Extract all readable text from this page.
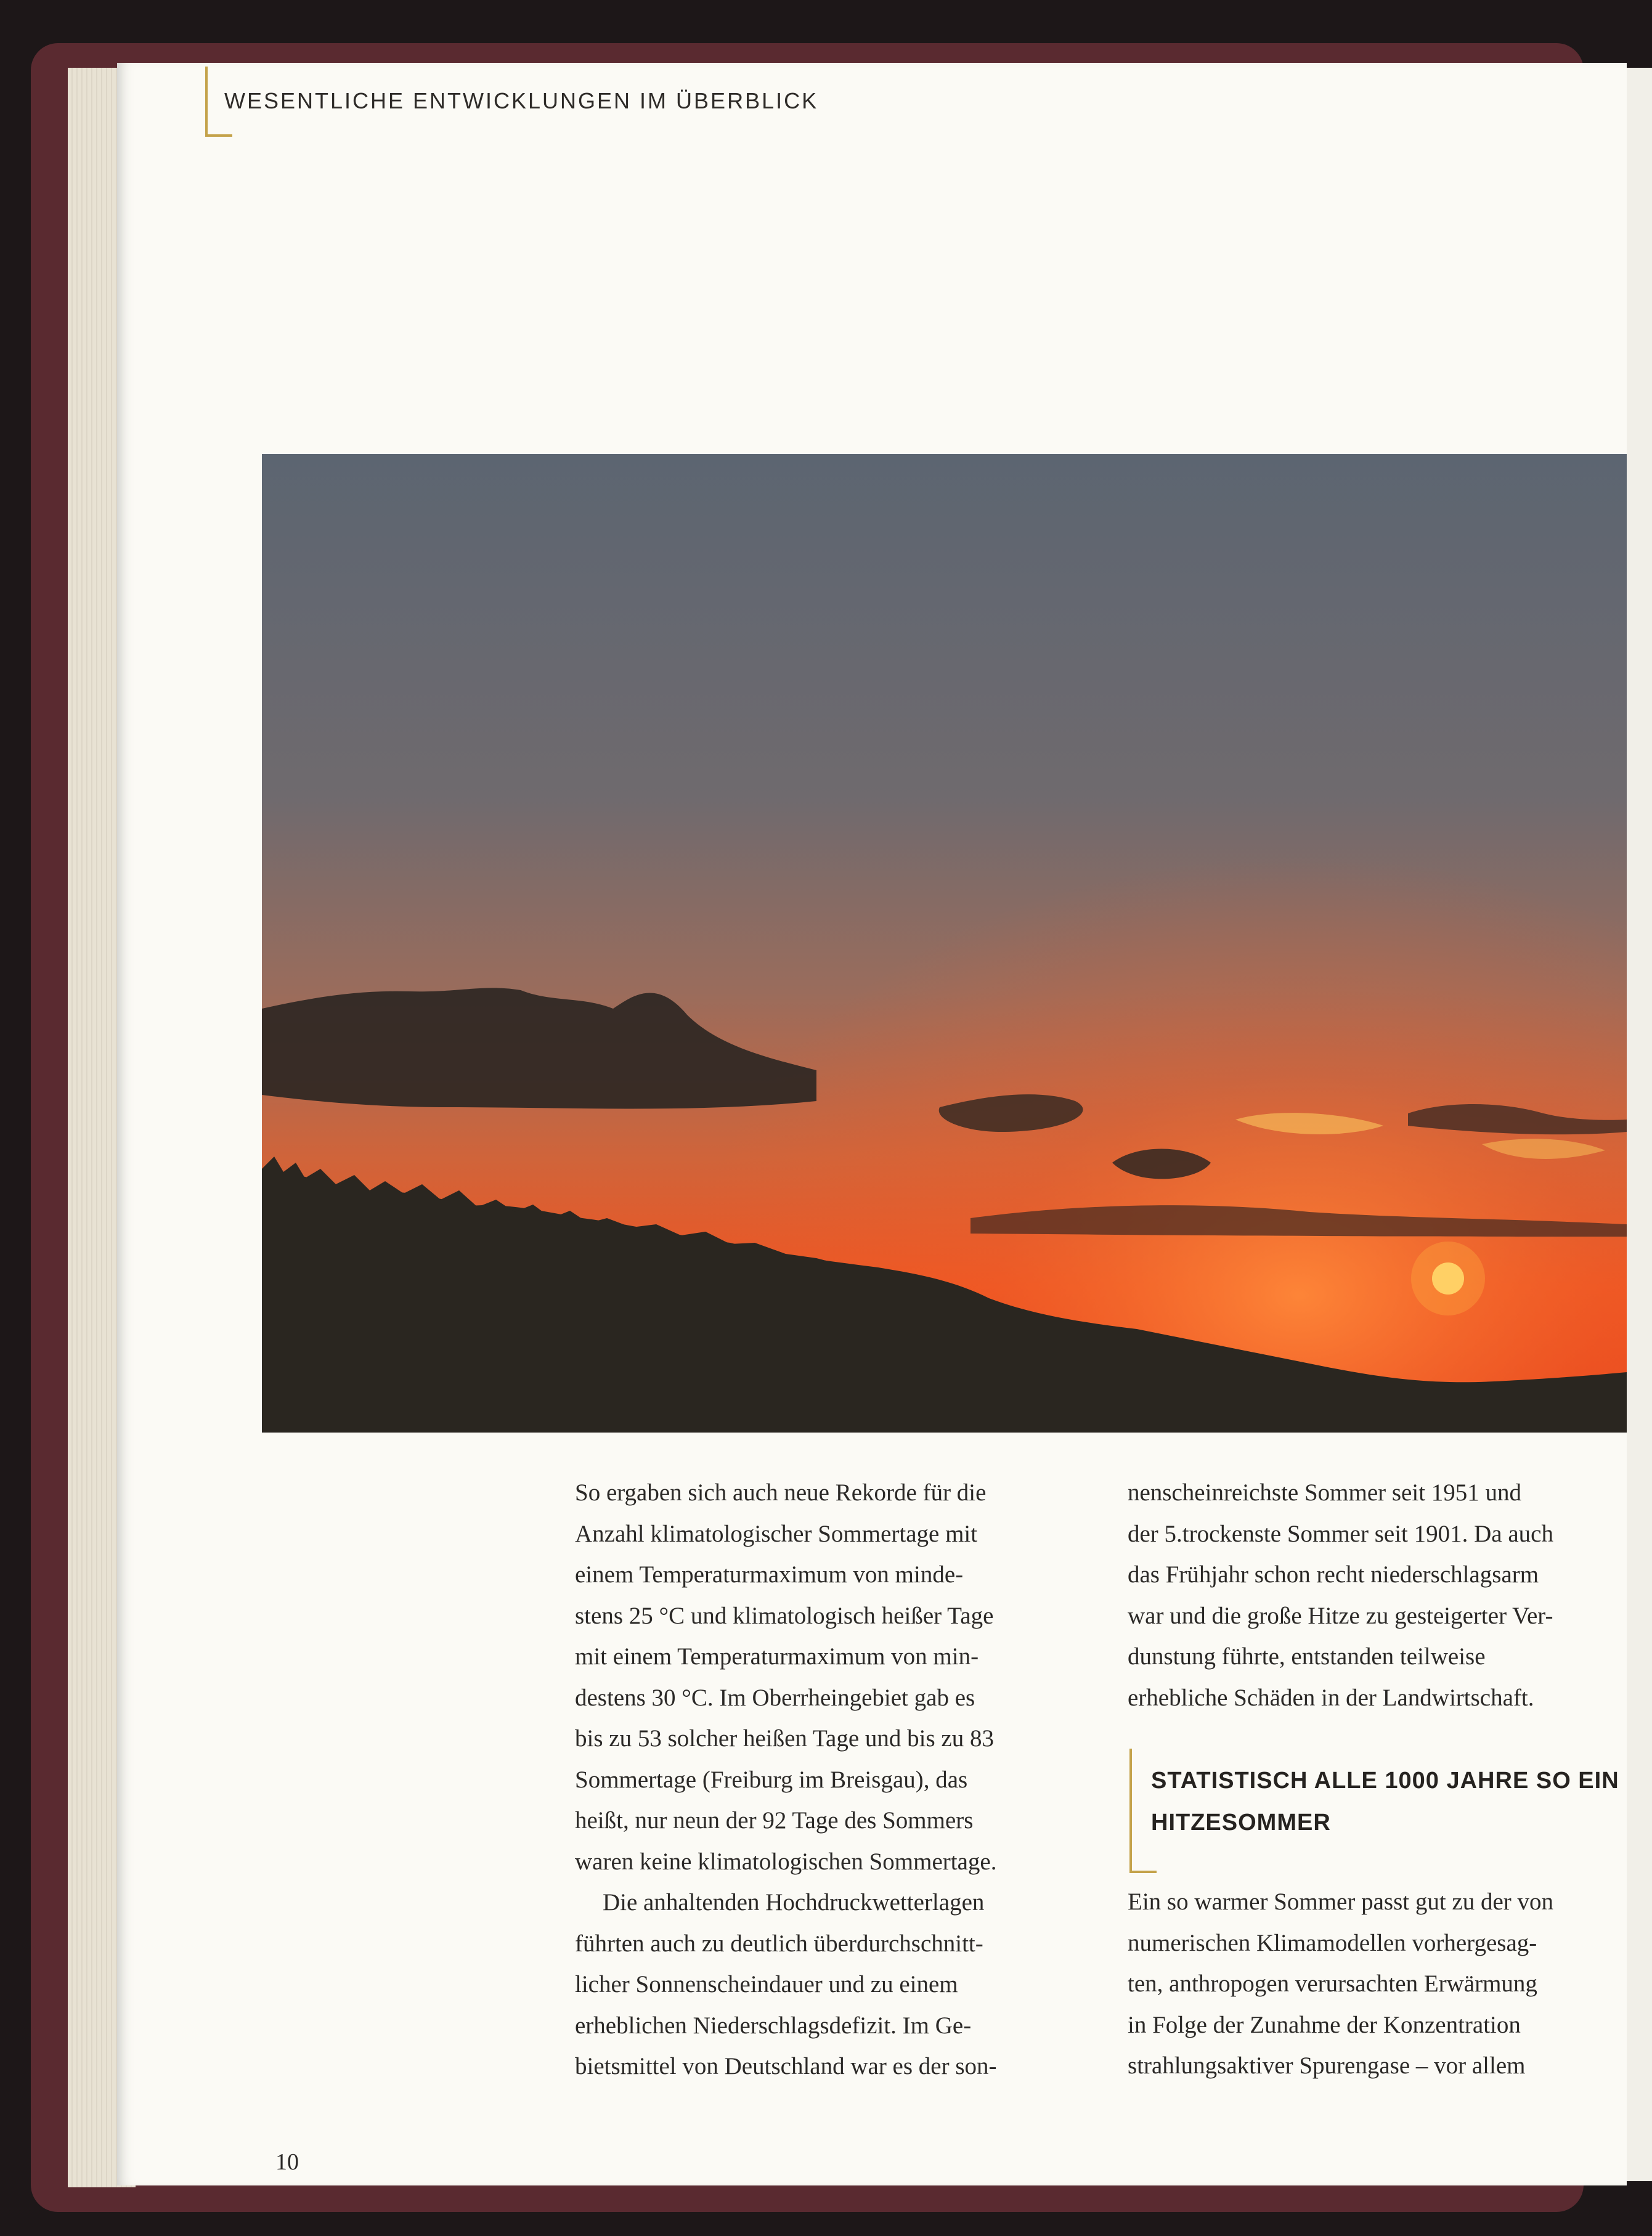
WESENTLICHE ENTWICKLUNGEN IM ÜBERBLICK

So ergaben sich auch neue Rekorde für die
Anzahl klimatologischer Sommertage mit
einem Temperaturmaximum von minde-
stens 25 °C und klimatologisch heißer Tage
mit einem Temperaturmaximum von min-
destens 30 °C. Im Oberrheingebiet gab es
bis zu 53 solcher heißen Tage und bis zu 83
Sommertage (Freiburg im Breisgau), das
heißt, nur neun der 92 Tage des Sommers
waren keine klimatologischen Sommertage.

Die anhaltenden Hochdruckwetterlagen
führten auch zu deutlich überdurchschnitt-
licher Sonnenscheindauer und zu einem
erheblichen Niederschlagsdefizit. Im Ge-
bietsmittel von Deutschland war es der son-

nenscheinreichste Sommer seit 1951 und
der 5.trockenste Sommer seit 1901. Da auch
das Frühjahr schon recht niederschlagsarm
war und die große Hitze zu gesteigerter Ver-
dunstung führte, entstanden teilweise
erhebliche Schäden in der Landwirtschaft.

Ein so warmer Sommer passt gut zu der von
numerischen Klimamodellen vorhergesag-
ten, anthropogen verursachten Erwärmung
in Folge der Zunahme der Konzentration
strahlungsaktiver Spurengase – vor allem

STATISTISCH ALLE 1000 JAHRE SO EIN
HITZESOMMER
10
